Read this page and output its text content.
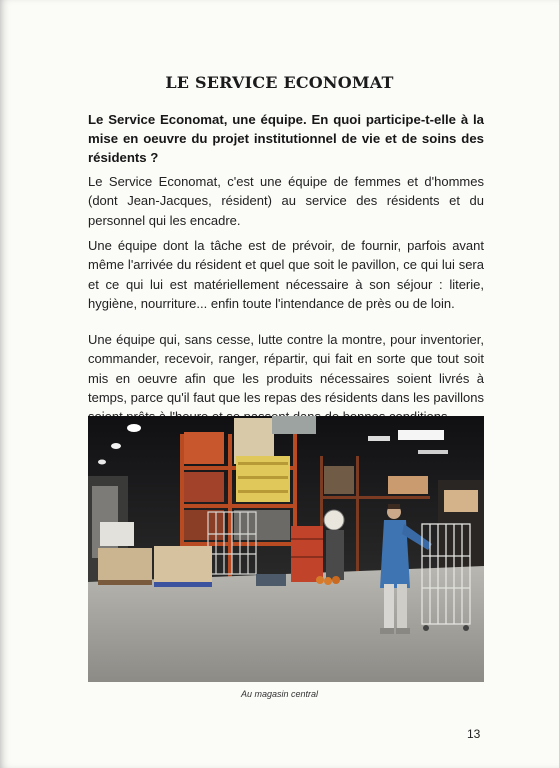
LE SERVICE ECONOMAT
Le Service Economat, une équipe. En quoi participe-t-elle à la mise en oeuvre du projet institutionnel de vie et de soins des résidents ?
Le Service Economat, c'est une équipe de femmes et d'hommes (dont Jean-Jacques, résident) au service des résidents et du personnel qui les encadre.
Une équipe dont la tâche est de prévoir, de fournir, parfois avant même l'arrivée du résident et quel que soit le pavillon, ce qui lui sera et ce qui lui est matériellement nécessaire à son séjour : literie, hygiène, nourriture... enfin toute l'intendance de près ou de loin.
Une équipe qui, sans cesse, lutte contre la montre, pour inventorier, commander, recevoir, ranger, répartir, qui fait en sorte que tout soit mis en oeuvre afin que les produits nécessaires soient livrés à temps, parce qu'il faut que les repas des résidents dans les pavillons
Au magasin central
13
